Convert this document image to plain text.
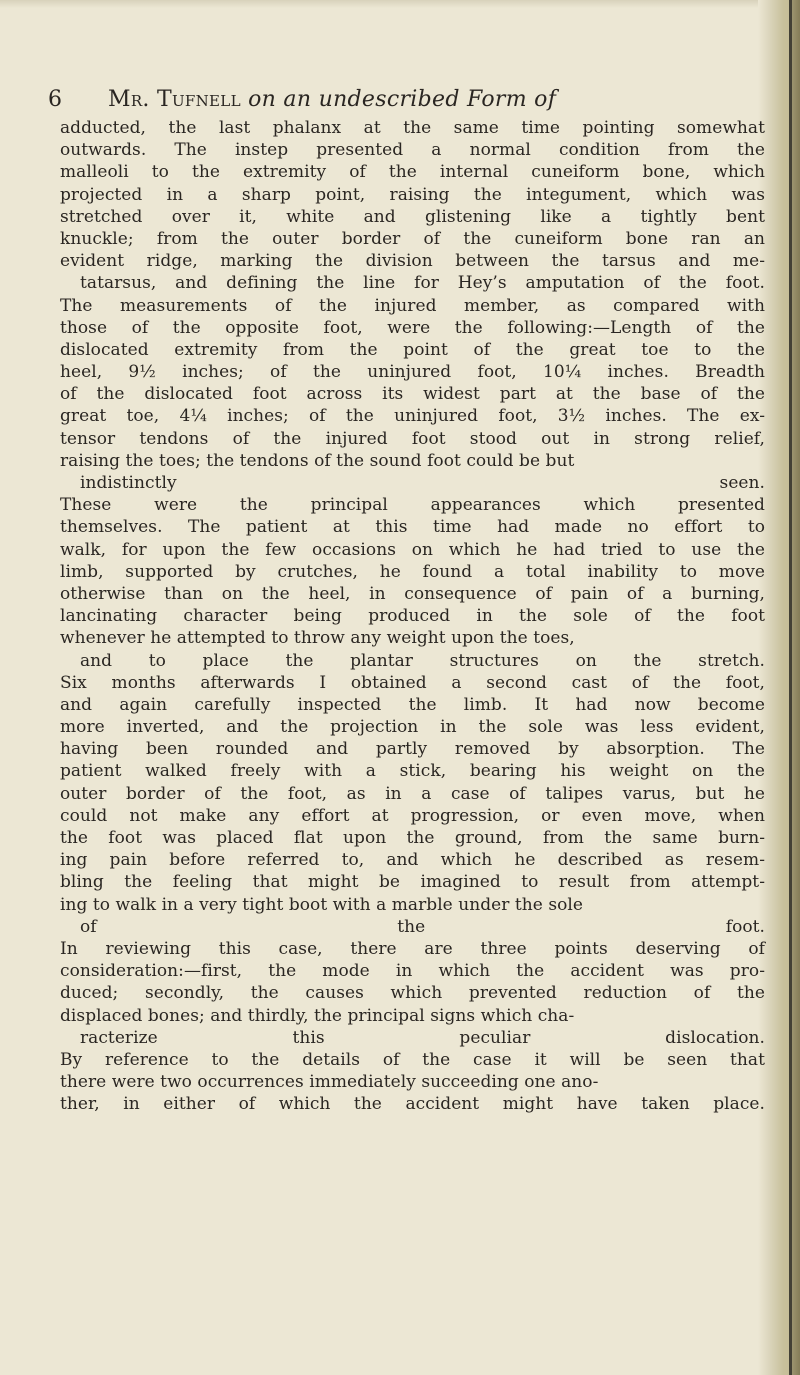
6 Mr. Tufnell on an undescribed Form of
adducted, the last phalanx at the same time pointing somewhat
outwards. The instep presented a normal condition from the
malleoli to the extremity of the internal cuneiform bone, which
projected in a sharp point, raising the integument, which was
stretched over it, white and glistening like a tightly bent
knuckle; from the outer border of the cuneiform bone ran an
evident ridge, marking the division between the tarsus and me-
tatarsus, and defining the line for Hey’s amputation of the foot.
The measurements of the injured member, as compared with
those of the opposite foot, were the following:—Length of the
dislocated extremity from the point of the great toe to the
heel, 9½ inches; of the uninjured foot, 10¼ inches. Breadth
of the dislocated foot across its widest part at the base of the
great toe, 4¼ inches; of the uninjured foot, 3½ inches. The ex-
tensor tendons of the injured foot stood out in strong relief,
raising the toes; the tendons of the sound foot could be but
indistinctly seen.
These were the principal appearances which presented
themselves. The patient at this time had made no effort to
walk, for upon the few occasions on which he had tried to use the
limb, supported by crutches, he found a total inability to move
otherwise than on the heel, in consequence of pain of a burning,
lancinating character being produced in the sole of the foot
whenever he attempted to throw any weight upon the toes,
and to place the plantar structures on the stretch.
Six months afterwards I obtained a second cast of the foot,
and again carefully inspected the limb. It had now become
more inverted, and the projection in the sole was less evident,
having been rounded and partly removed by absorption. The
patient walked freely with a stick, bearing his weight on the
outer border of the foot, as in a case of talipes varus, but he
could not make any effort at progression, or even move, when
the foot was placed flat upon the ground, from the same burn-
ing pain before referred to, and which he described as resem-
bling the feeling that might be imagined to result from attempt-
ing to walk in a very tight boot with a marble under the sole
of the foot.
In reviewing this case, there are three points deserving of
consideration:—first, the mode in which the accident was pro-
duced; secondly, the causes which prevented reduction of the
displaced bones; and thirdly, the principal signs which cha-
racterize this peculiar dislocation.
By reference to the details of the case it will be seen that
there were two occurrences immediately succeeding one ano-
ther, in either of which the accident might have taken place.
